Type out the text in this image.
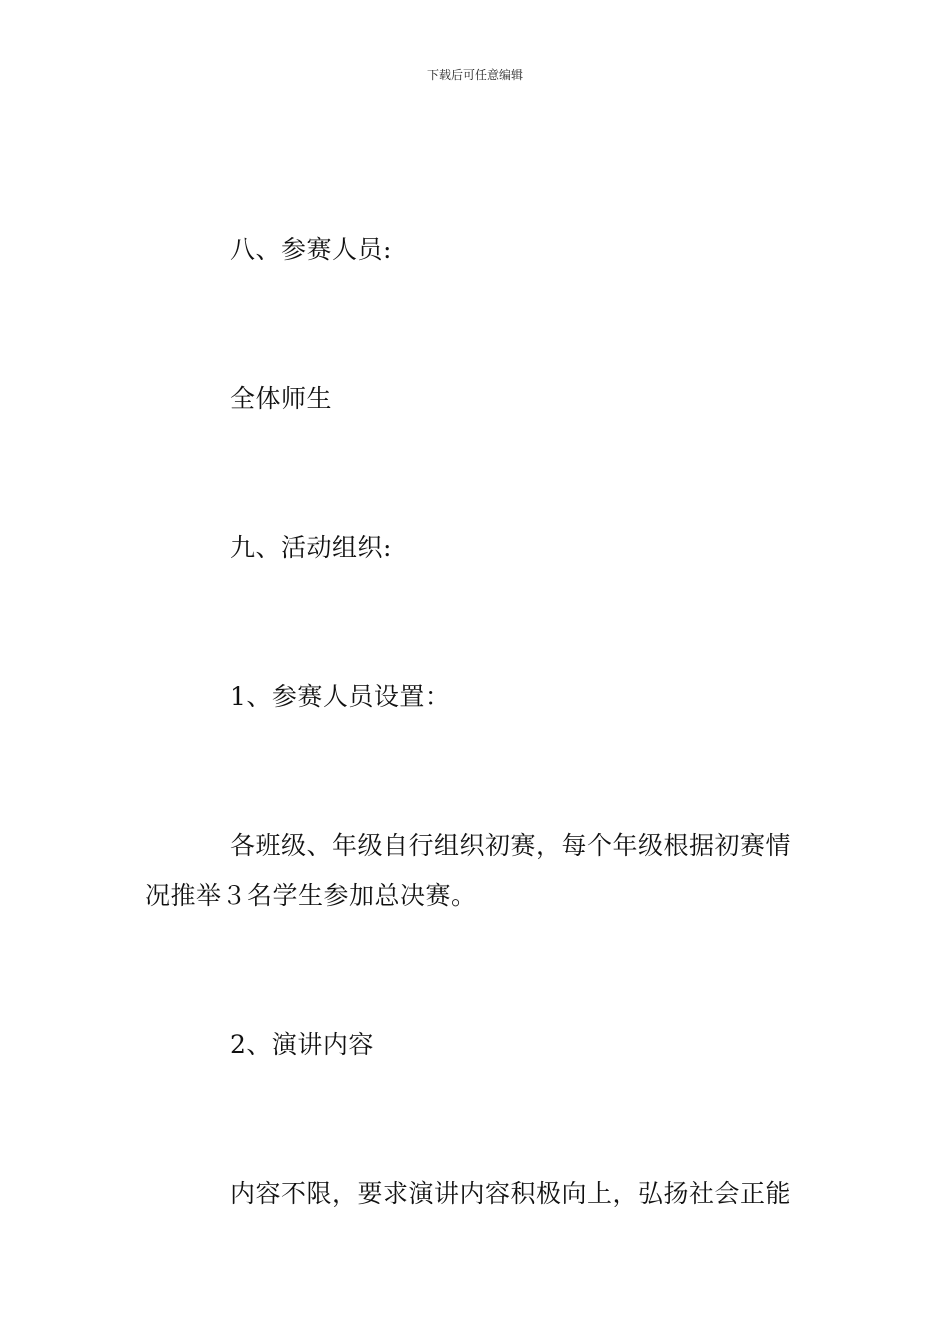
下载后可任意编辑
八、参赛人员:
全体师生
九、活动组织:
1、参赛人员设置：
各班级、年级自行组织初赛，每个年级根据初赛情
况推举３名学生参加总决赛。
2、演讲内容
内容不限，要求演讲内容积极向上，弘扬社会正能
